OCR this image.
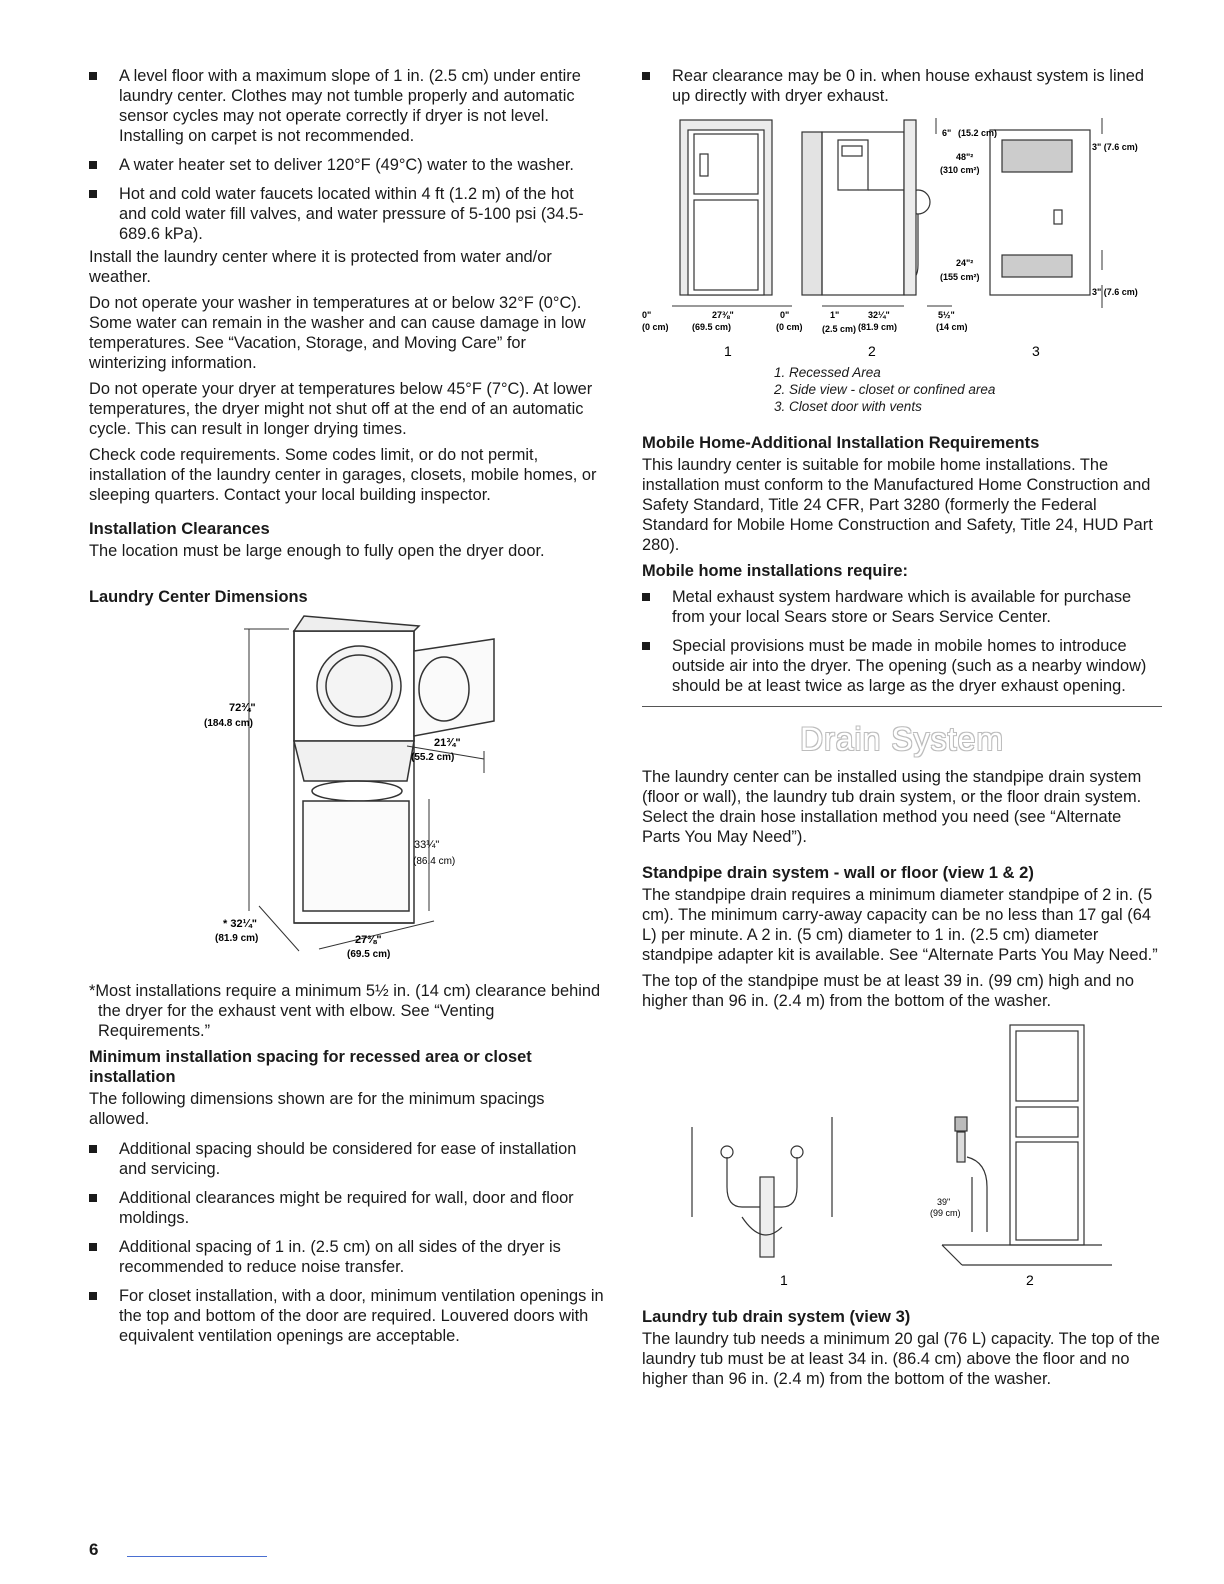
A level floor with a maximum slope of 1 in. (2.5 cm) under entire laundry center. Clothes may not tumble properly and automatic sensor cycles may not operate correctly if dryer is not level. Installing on carpet is not recommended.
A water heater set to deliver 120°F (49°C) water to the washer.
Hot and cold water faucets located within 4 ft (1.2 m) of the hot and cold water fill valves, and water pressure of 5-100 psi (34.5-689.6 kPa).

Install the laundry center where it is protected from water and/or weather.

Do not operate your washer in temperatures at or below 32°F (0°C). Some water can remain in the washer and can cause damage in low temperatures. See “Vacation, Storage, and Moving Care” for winterizing information.

Do not operate your dryer at temperatures below 45°F (7°C). At lower temperatures, the dryer might not shut off at the end of an automatic cycle. This can result in longer drying times.

Check code requirements. Some codes limit, or do not permit, installation of the laundry center in garages, closets, mobile homes, or sleeping quarters. Contact your local building inspector.

Installation Clearances

The location must be large enough to fully open the dryer door.

Laundry Center Dimensions
72¾"
(184.8 cm)
21¾"
(55.2 cm)
33¼"
(86.4 cm)
* 32¼"
(81.9 cm)	27⅜"
(69.5 cm)

*Most installations require a minimum 5½ in. (14 cm) clearance behind the dryer for the exhaust vent with elbow. See “Venting Requirements.”

Minimum installation spacing for recessed area or closet installation

The following dimensions shown are for the minimum spacings allowed.

Additional spacing should be considered for ease of installation and servicing.
Additional clearances might be required for wall, door and floor moldings.
Additional spacing of 1 in. (2.5 cm) on all sides of the dryer is recommended to reduce noise transfer.
For closet installation, with a door, minimum ventilation openings in the top and bottom of the door are required. Louvered doors with equivalent ventilation openings are acceptable.
Rear clearance may be 0 in. when house exhaust system is lined up directly with dryer exhaust.
6" (15.2 cm)
48"²
(310 cm²)
24"²
(155 cm²)
3" (7.6 cm)
3" (7.6 cm)
0"
(0 cm)
27⅜"
(69.5 cm)
0"
(0 cm)
1"
(2.5 cm)
32¼"
(81.9 cm)
5½"
(14 cm)
1	2	3
1. Recessed Area
2. Side view - closet or confined area
3. Closet door with vents
Mobile Home-Additional Installation Requirements

This laundry center is suitable for mobile home installations. The installation must conform to the Manufactured Home Construction and Safety Standard, Title 24 CFR, Part 3280 (formerly the Federal Standard for Mobile Home Construction and Safety, Title 24, HUD Part 280).

Mobile home installations require:
Metal exhaust system hardware which is available for purchase from your local Sears store or Sears Service Center.
Special provisions must be made in mobile homes to introduce outside air into the dryer. The opening (such as a nearby window) should be at least twice as large as the dryer exhaust opening.
Drain System

The laundry center can be installed using the standpipe drain system (floor or wall), the laundry tub drain system, or the floor drain system. Select the drain hose installation method you need (see “Alternate Parts You May Need”).

Standpipe drain system - wall or floor (view 1 & 2)

The standpipe drain requires a minimum diameter standpipe of 2 in. (5 cm). The minimum carry-away capacity can be no less than 17 gal (64 L) per minute. A 2 in. (5 cm) diameter to 1 in. (2.5 cm) diameter standpipe adapter kit is available. See “Alternate Parts You May Need.”

The top of the standpipe must be at least 39 in. (99 cm) high and no higher than 96 in. (2.4 m) from the bottom of the washer.

39"
(99 cm)
1	2
Laundry tub drain system (view 3)

The laundry tub needs a minimum 20 gal (76 L) capacity. The top of the laundry tub must be at least 34 in. (86.4 cm) above the floor and no higher than 96 in. (2.4 m) from the bottom of the washer.

6
